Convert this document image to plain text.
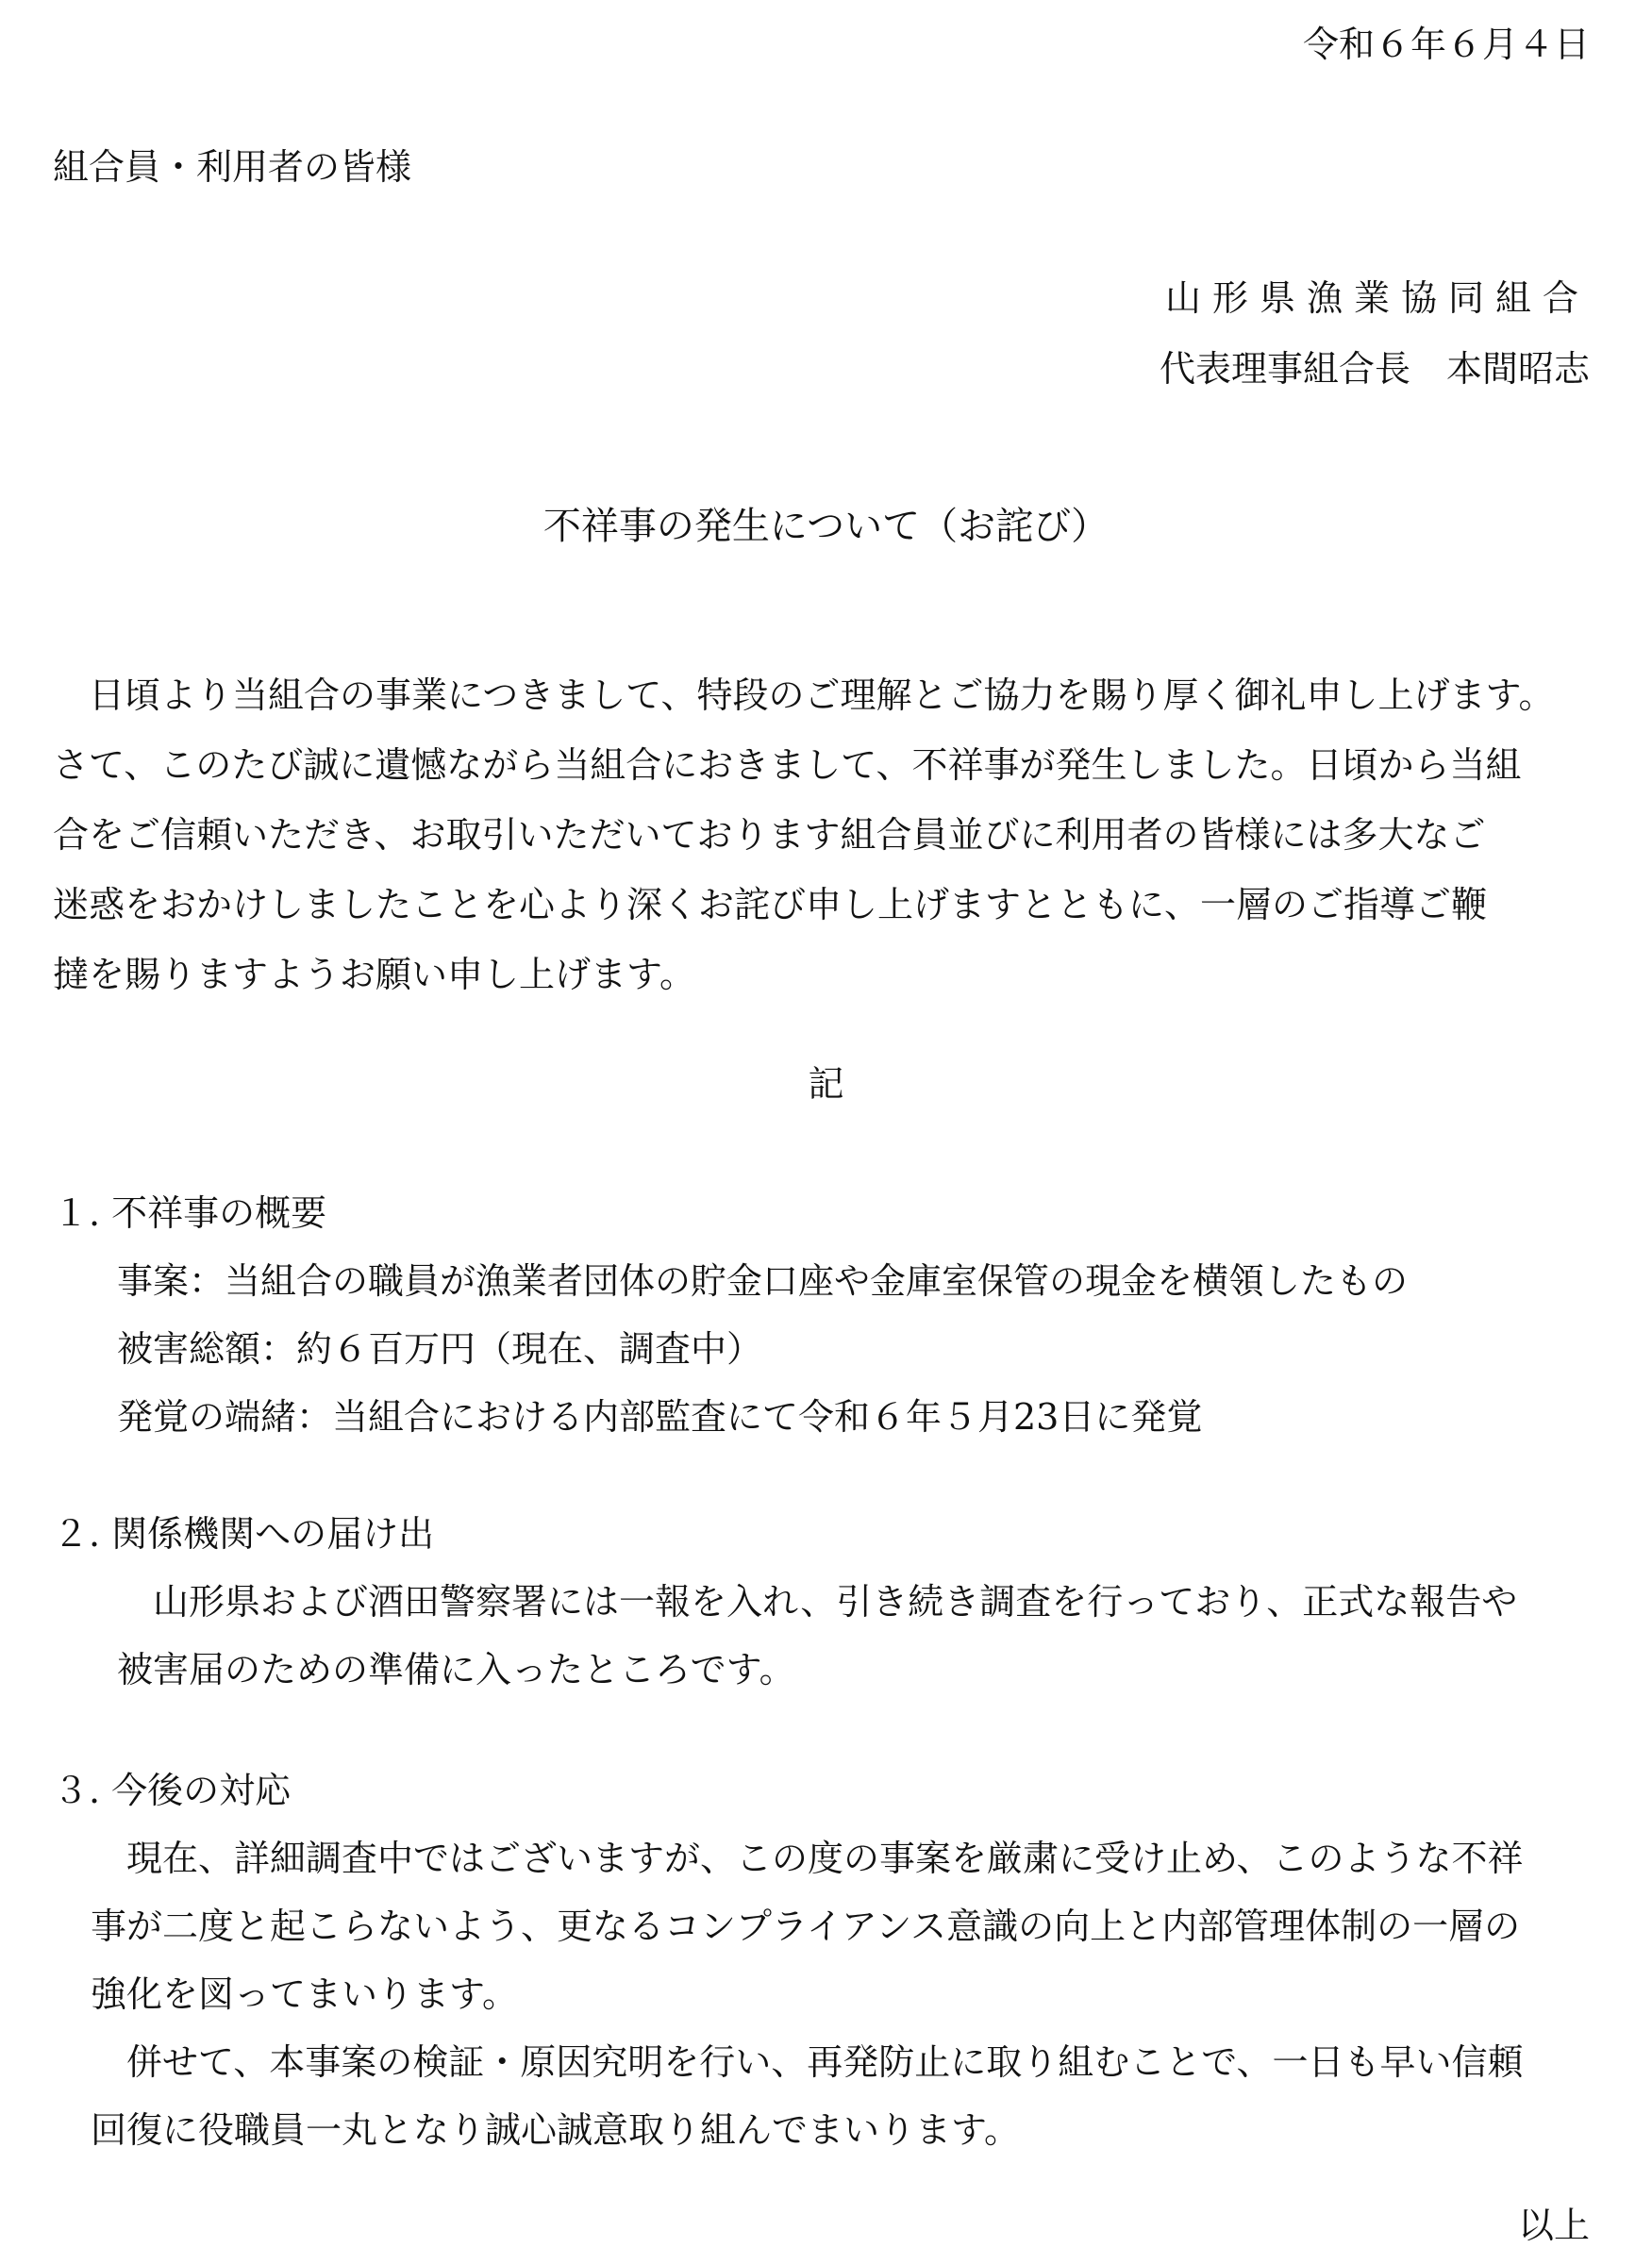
令和６年６月４日
組合員・利用者の皆様
山形県漁業協同組合
代表理事組合長　本間昭志
不祥事の発生について（お詫び）
　日頃より当組合の事業につきまして、特段のご理解とご協力を賜り厚く御礼申し上げます。
さて、このたび誠に遺憾ながら当組合におきまして、不祥事が発生しました。日頃から当組
合をご信頼いただき、お取引いただいております組合員並びに利用者の皆様には多大なご
迷惑をおかけしましたことを心より深くお詫び申し上げますとともに、一層のご指導ご鞭
撻を賜りますようお願い申し上げます。
記
１. 不祥事の概要
事案：当組合の職員が漁業者団体の貯金口座や金庫室保管の現金を横領したもの
被害総額：約６百万円（現在、調査中）
発覚の端緒：当組合における内部監査にて令和６年５月23日に発覚
２. 関係機関への届け出
　山形県および酒田警察署には一報を入れ、引き続き調査を行っており、正式な報告や
被害届のための準備に入ったところです。
３. 今後の対応
　現在、詳細調査中ではございますが、この度の事案を厳粛に受け止め、このような不祥
事が二度と起こらないよう、更なるコンプライアンス意識の向上と内部管理体制の一層の
強化を図ってまいります。
　併せて、本事案の検証・原因究明を行い、再発防止に取り組むことで、一日も早い信頼
回復に役職員一丸となり誠心誠意取り組んでまいります。
以上
